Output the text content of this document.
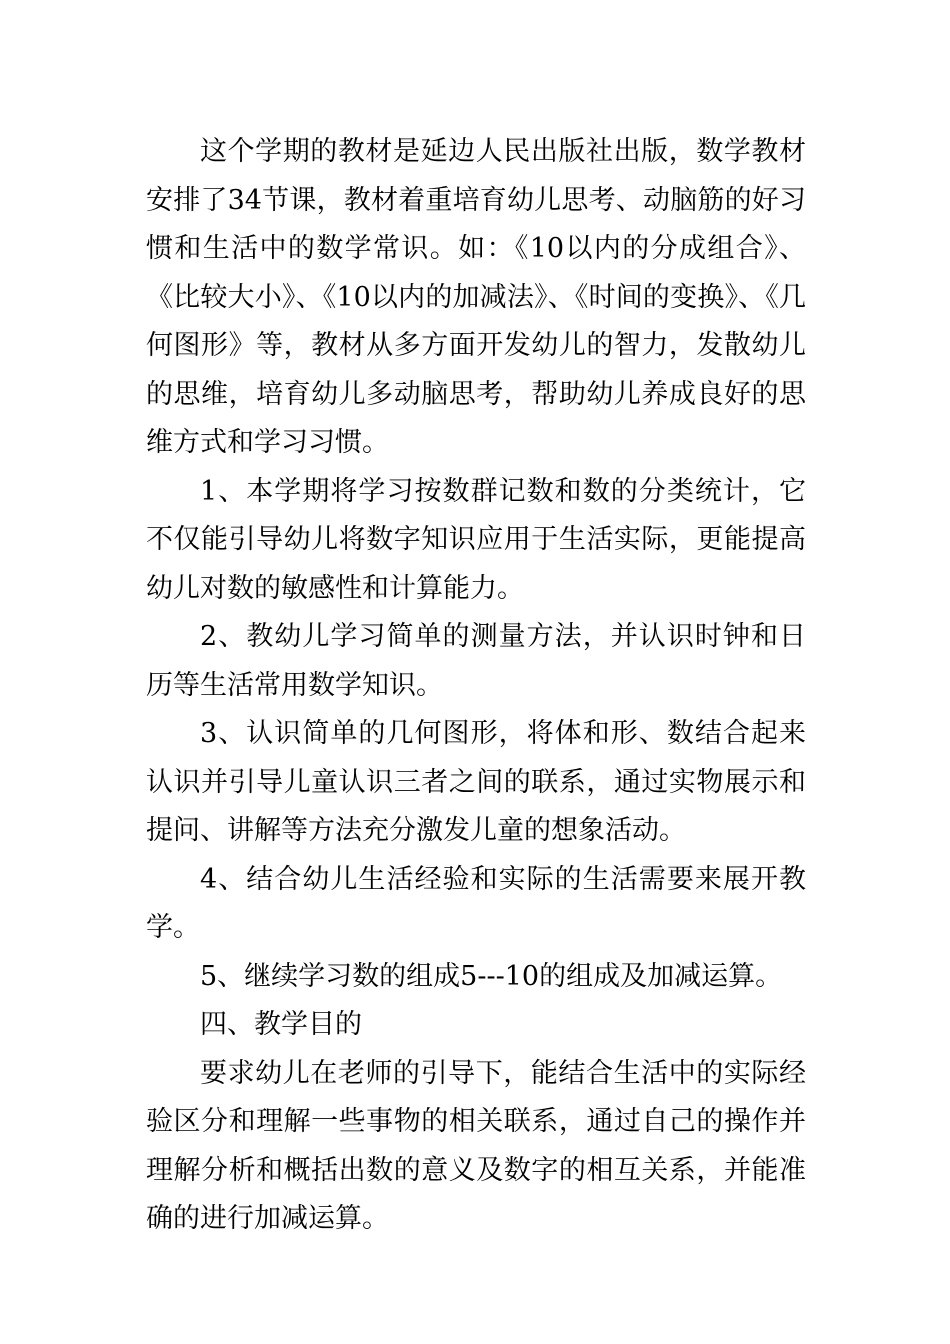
这个学期的教材是延边人民出版社出版，数学教材安排了34节课，教材着重培育幼儿思考、动脑筋的好习惯和生活中的数学常识。如：《10以内的分成组合》、《比较大小》、《10以内的加减法》、《时间的变换》、《几何图形》等，教材从多方面开发幼儿的智力，发散幼儿的思维，培育幼儿多动脑思考，帮助幼儿养成良好的思维方式和学习习惯。

1、本学期将学习按数群记数和数的分类统计，它不仅能引导幼儿将数字知识应用于生活实际，更能提高幼儿对数的敏感性和计算能力。

2、教幼儿学习简单的测量方法，并认识时钟和日历等生活常用数学知识。

3、认识简单的几何图形，将体和形、数结合起来认识并引导儿童认识三者之间的联系，通过实物展示和提问、讲解等方法充分激发儿童的想象活动。

4、结合幼儿生活经验和实际的生活需要来展开教学。

5、继续学习数的组成5---10的组成及加减运算。

四、教学目的

要求幼儿在老师的引导下，能结合生活中的实际经验区分和理解一些事物的相关联系，通过自己的操作并理解分析和概括出数的意义及数字的相互关系，并能准确的进行加减运算。
